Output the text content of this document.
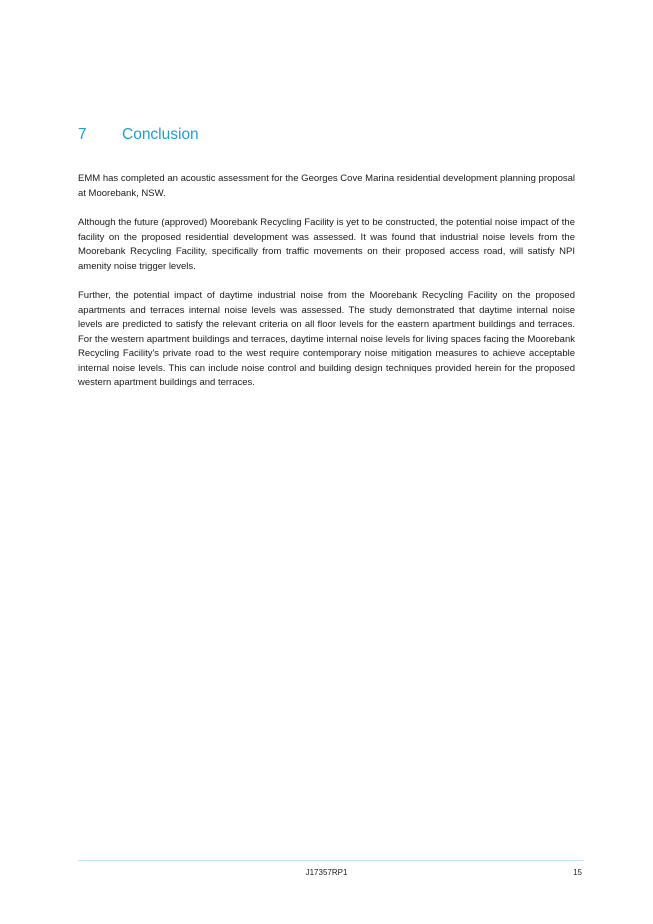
7 Conclusion

EMM has completed an acoustic assessment for the Georges Cove Marina residential development planning proposal at Moorebank, NSW.

Although the future (approved) Moorebank Recycling Facility is yet to be constructed, the potential noise impact of the facility on the proposed residential development was assessed. It was found that industrial noise levels from the Moorebank Recycling Facility, specifically from traffic movements on their proposed access road, will satisfy NPI amenity noise trigger levels.

Further, the potential impact of daytime industrial noise from the Moorebank Recycling Facility on the proposed apartments and terraces internal noise levels was assessed. The study demonstrated that daytime internal noise levels are predicted to satisfy the relevant criteria on all floor levels for the eastern apartment buildings and terraces. For the western apartment buildings and terraces, daytime internal noise levels for living spaces facing the Moorebank Recycling Facility's private road to the west require contemporary noise mitigation measures to achieve acceptable internal noise levels. This can include noise control and building design techniques provided herein for the proposed western apartment buildings and terraces.

J17357RP1	15
